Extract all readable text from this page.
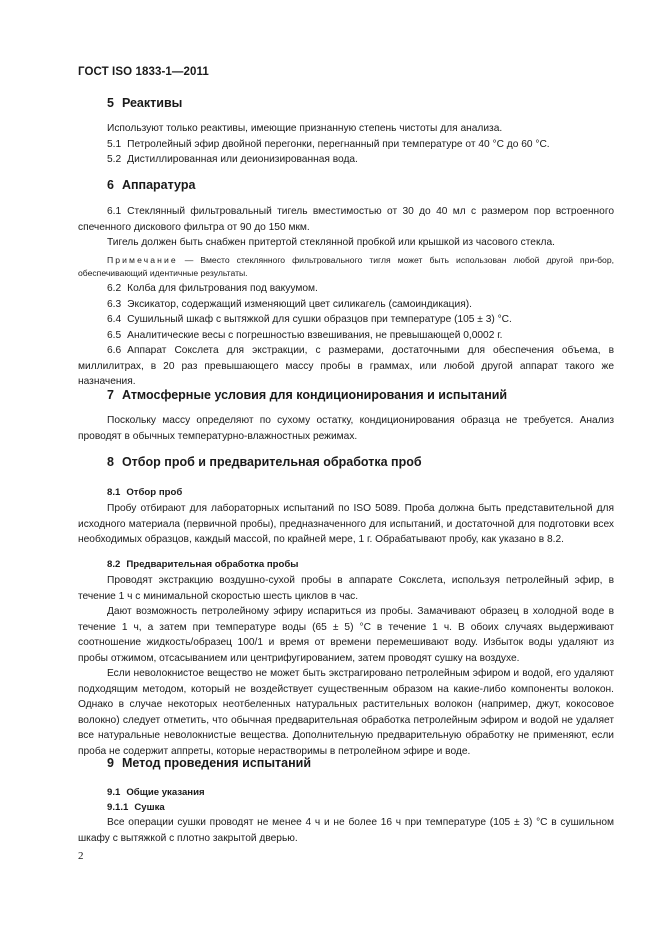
ГОСТ ISO 1833-1—2011
5 Реактивы

Используют только реактивы, имеющие признанную степень чистоты для анализа.

5.1 Петролейный эфир двойной перегонки, перегнанный при температуре от 40 °С до 60 °С.

5.2 Дистиллированная или деионизированная вода.

6 Аппаратура

6.1 Стеклянный фильтровальный тигель вместимостью от 30 до 40 мл с размером пор встроенного спеченного дискового фильтра от 90 до 150 мкм.

Тигель должен быть снабжен притертой стеклянной пробкой или крышкой из часового стекла.

Примечание — Вместо стеклянного фильтровального тигля может быть использован любой другой при-бор, обеспечивающий идентичные результаты.

6.2 Колба для фильтрования под вакуумом.

6.3 Эксикатор, содержащий изменяющий цвет силикагель (самоиндикация).

6.4 Сушильный шкаф с вытяжкой для сушки образцов при температуре (105 ± 3) °С.

6.5 Аналитические весы с погрешностью взвешивания, не превышающей 0,0002 г.

6.6 Аппарат Сокслета для экстракции, с размерами, достаточными для обеспечения объема, в миллилитрах, в 20 раз превышающего массу пробы в граммах, или любой другой аппарат такого же назначения.

7 Атмосферные условия для кондиционирования и испытаний

Поскольку массу определяют по сухому остатку, кондиционирования образца не требуется. Анализ проводят в обычных температурно-влажностных режимах.

8 Отбор проб и предварительная обработка проб
8.1 Отбор проб

Пробу отбирают для лабораторных испытаний по ISO 5089. Проба должна быть представительной для исходного материала (первичной пробы), предназначенного для испытаний, и достаточной для подготовки всех необходимых образцов, каждый массой, по крайней мере, 1 г. Обрабатывают пробу, как указано в 8.2.

8.2 Предварительная обработка пробы

Проводят экстракцию воздушно-сухой пробы в аппарате Сокслета, используя петролейный эфир, в течение 1 ч с минимальной скоростью шесть циклов в час.

Дают возможность петролейному эфиру испариться из пробы. Замачивают образец в холодной воде в течение 1 ч, а затем при температуре воды (65 ± 5) °С в течение 1 ч. В обоих случаях выдерживают соотношение жидкость/образец 100/1 и время от времени перемешивают воду. Избыток воды удаляют из пробы отжимом, отсасыванием или центрифугированием, затем проводят сушку на воздухе.

Если неволокнистое вещество не может быть экстрагировано петролейным эфиром и водой, его удаляют подходящим методом, который не воздействует существенным образом на какие-либо компоненты волокон. Однако в случае некоторых неотбеленных натуральных растительных волокон (например, джут, кокосовое волокно) следует отметить, что обычная предварительная обработка петролейным эфиром и водой не удаляет все натуральные неволокнистые вещества. Дополнительную предварительную обработку не применяют, если проба не содержит аппреты, которые нерастворимы в петролейном эфире и воде.

9 Метод проведения испытаний
9.1 Общие указания
9.1.1 Сушка

Все операции сушки проводят не менее 4 ч и не более 16 ч при температуре (105 ± 3) °С в сушильном шкафу с вытяжкой с плотно закрытой дверью.

2
